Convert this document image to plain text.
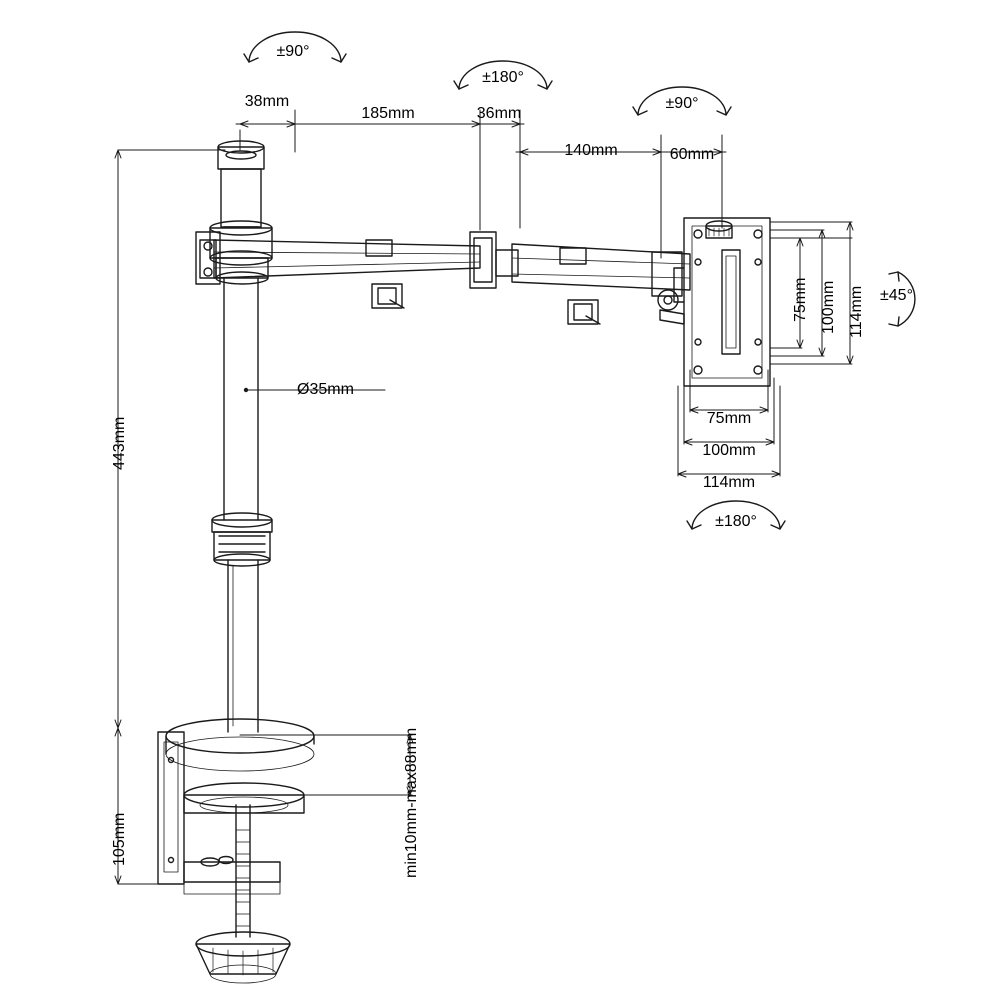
±90°
±180°
±90°
±45°
±180°
38mm
185mm	36mm
140mm	60mm
443mm
105mm	min10mm-max88mm
Ø35mm
75mm 100mm 114mm
75mm
100mm
114mm
